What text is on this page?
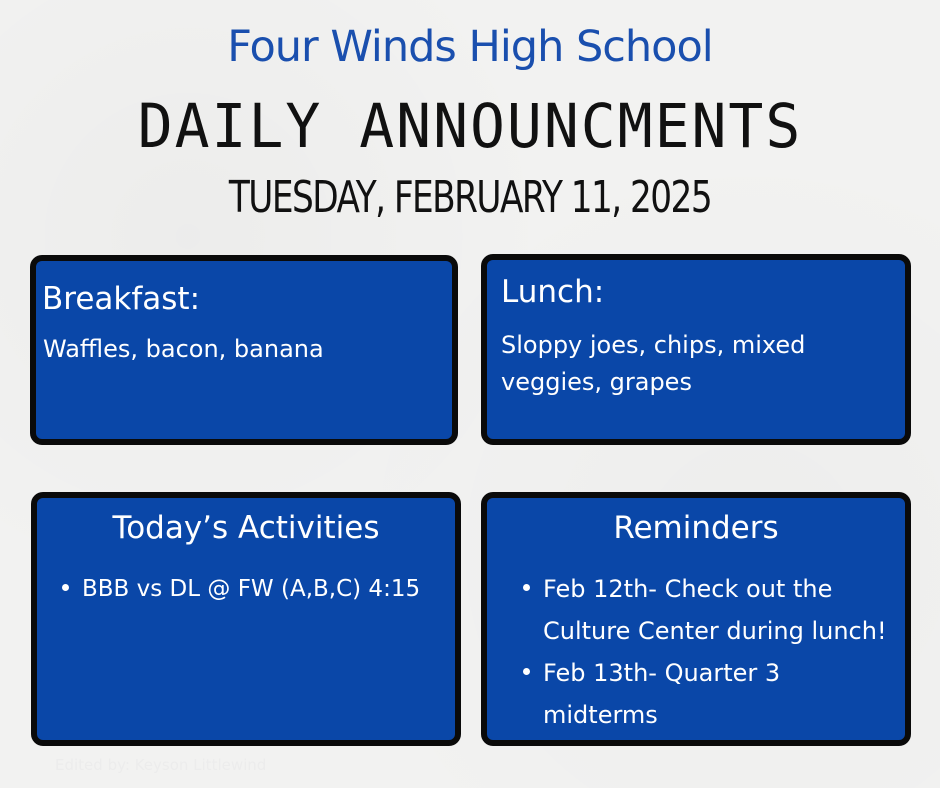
Four Winds High School
DAILY ANNOUNCMENTS
TUESDAY, FEBRUARY 11, 2025
Breakfast:
Waffles, bacon, banana
Lunch:
Sloppy joes, chips, mixed veggies, grapes
Today’s Activities
BBB vs DL @ FW (A,B,C) 4:15
Reminders
Feb 12th- Check out the Culture Center during lunch!
Feb 13th- Quarter 3 midterms
Edited by: Keyson Littlewind
